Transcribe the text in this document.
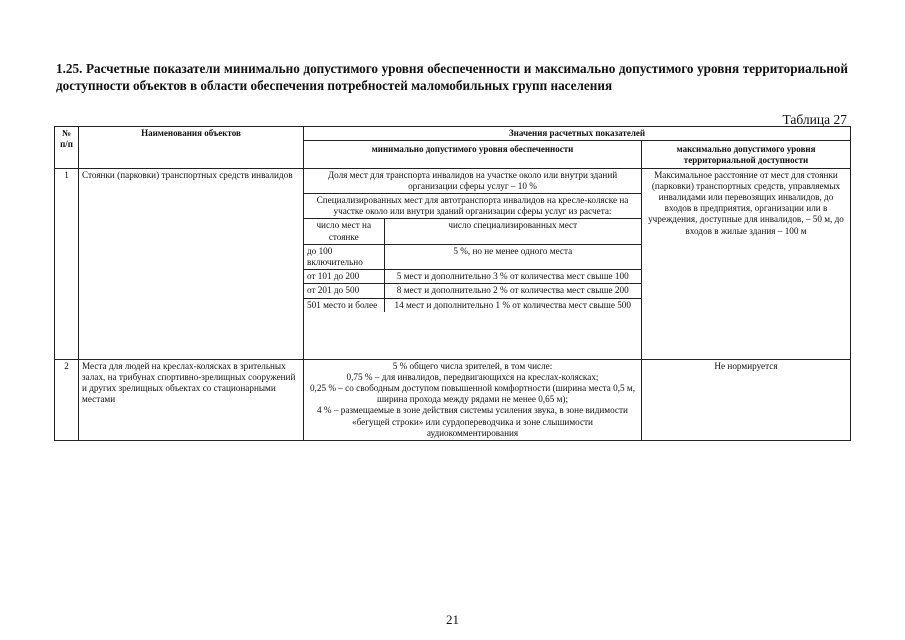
1.25. Расчетные показатели минимально допустимого уровня обеспеченности и максимально допустимого уровня территориальной доступности объектов в области обеспечения потребностей маломобильных групп населения
Таблица 27
№ п/п	Наименования объектов	Значения расчетных показателей
минимально допустимого уровня обеспеченности	максимально допустимого уровня территориальной доступности
1	Стоянки (парковки) транспортных средств инвалидов		Доля мест для транспорта инвалидов на участке около или внутри зданий организации сферы услуг – 10 %
Специализированных мест для автотранспорта инвалидов на кресле-коляске на участке около или внутри зданий организации сферы услуг из расчета:
число мест на стоянке	число специализированных мест
до 100 включительно	5 %, но не менее одного места
от 101 до 200	5 мест и дополнительно 3 % от количества мест свыше 100
от 201 до 500	8 мест и дополнительно 2 % от количества мест свыше 200
501 место и более	14 мест и дополнительно 1 % от количества мест свыше 500
	Максимальное расстояние от мест для стоянки (парковки) транспортных средств, управляемых инвалидами или перевозящих инвалидов, до входов в предприятия, организации или в учреждения, доступные для инвалидов, – 50 м, до входов в жилые здания – 100 м
2	Места для людей на креслах-колясках в зрительных залах, на трибунах спортивно-зрелищных сооружений и других зрелищных объектах со стационарными местами	
5 % общего числа зрителей, в том числе:
0,75 % – для инвалидов, передвигающихся на креслах-колясках;
0,25 % – со свободным доступом повышенной комфортности (ширина места 0,5 м, ширина прохода между рядами не менее 0,65 м);
4 % – размещаемые в зоне действия системы усиления звука, в зоне видимости «бегущей строки» или сурдопереводчика и зоне слышимости аудиокомментирования
	Не нормируется
21
